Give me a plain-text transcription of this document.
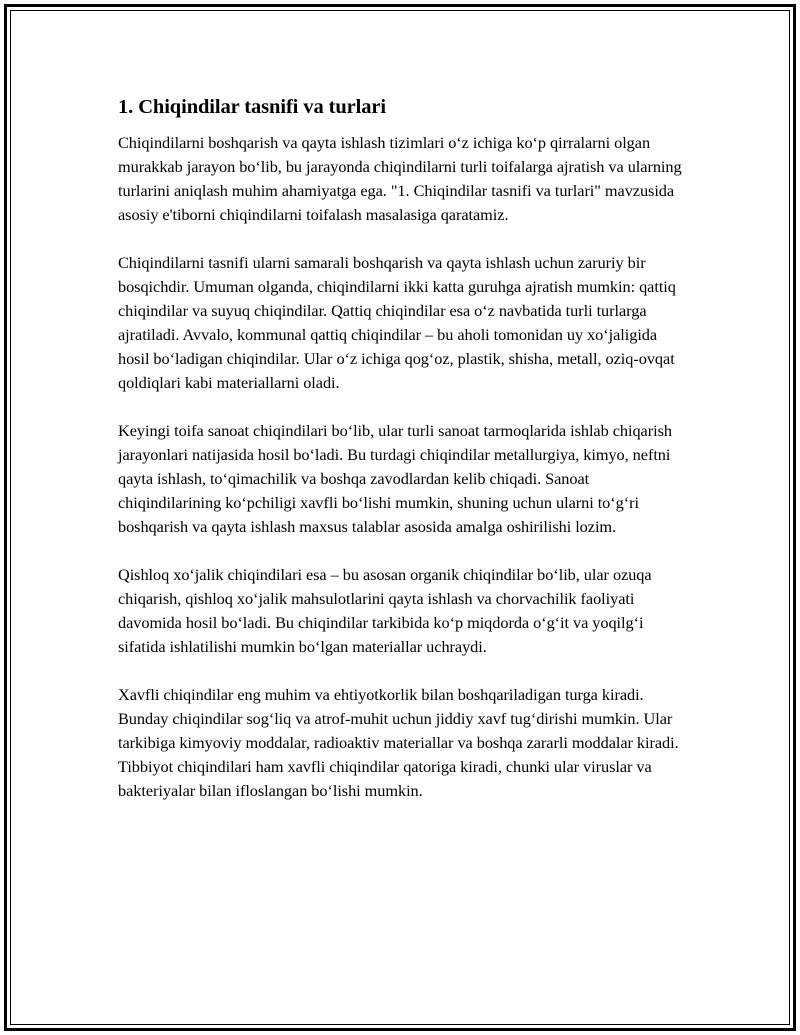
1. Chiqindilar tasnifi va turlari

Chiqindilarni boshqarish va qayta ishlash tizimlari o‘z ichiga ko‘p qirralarni olgan murakkab jarayon bo‘lib, bu jarayonda chiqindilarni turli toifalarga ajratish va ularning turlarini aniqlash muhim ahamiyatga ega. "1. Chiqindilar tasnifi va turlari" mavzusida asosiy e'tiborni chiqindilarni toifalash masalasiga qaratamiz.

Chiqindilarni tasnifi ularni samarali boshqarish va qayta ishlash uchun zaruriy bir bosqichdir. Umuman olganda, chiqindilarni ikki katta guruhga ajratish mumkin: qattiq chiqindilar va suyuq chiqindilar. Qattiq chiqindilar esa o‘z navbatida turli turlarga ajratiladi. Avvalo, kommunal qattiq chiqindilar – bu aholi tomonidan uy xo‘jaligida hosil bo‘ladigan chiqindilar. Ular o‘z ichiga qog‘oz, plastik, shisha, metall, oziq-ovqat qoldiqlari kabi materiallarni oladi.

Keyingi toifa sanoat chiqindilari bo‘lib, ular turli sanoat tarmoqlarida ishlab chiqarish jarayonlari natijasida hosil bo‘ladi. Bu turdagi chiqindilar metallurgiya, kimyo, neftni qayta ishlash, to‘qimachilik va boshqa zavodlardan kelib chiqadi. Sanoat chiqindilarining ko‘pchiligi xavfli bo‘lishi mumkin, shuning uchun ularni to‘g‘ri boshqarish va qayta ishlash maxsus talablar asosida amalga oshirilishi lozim.

Qishloq xo‘jalik chiqindilari esa – bu asosan organik chiqindilar bo‘lib, ular ozuqa chiqarish, qishloq xo‘jalik mahsulotlarini qayta ishlash va chorvachilik faoliyati davomida hosil bo‘ladi. Bu chiqindilar tarkibida ko‘p miqdorda o‘g‘it va yoqilg‘i sifatida ishlatilishi mumkin bo‘lgan materiallar uchraydi.

Xavfli chiqindilar eng muhim va ehtiyotkorlik bilan boshqariladigan turga kiradi. Bunday chiqindilar sog‘liq va atrof-muhit uchun jiddiy xavf tug‘dirishi mumkin. Ular tarkibiga kimyoviy moddalar, radioaktiv materiallar va boshqa zararli moddalar kiradi. Tibbiyot chiqindilari ham xavfli chiqindilar qatoriga kiradi, chunki ular viruslar va bakteriyalar bilan ifloslangan bo‘lishi mumkin.
